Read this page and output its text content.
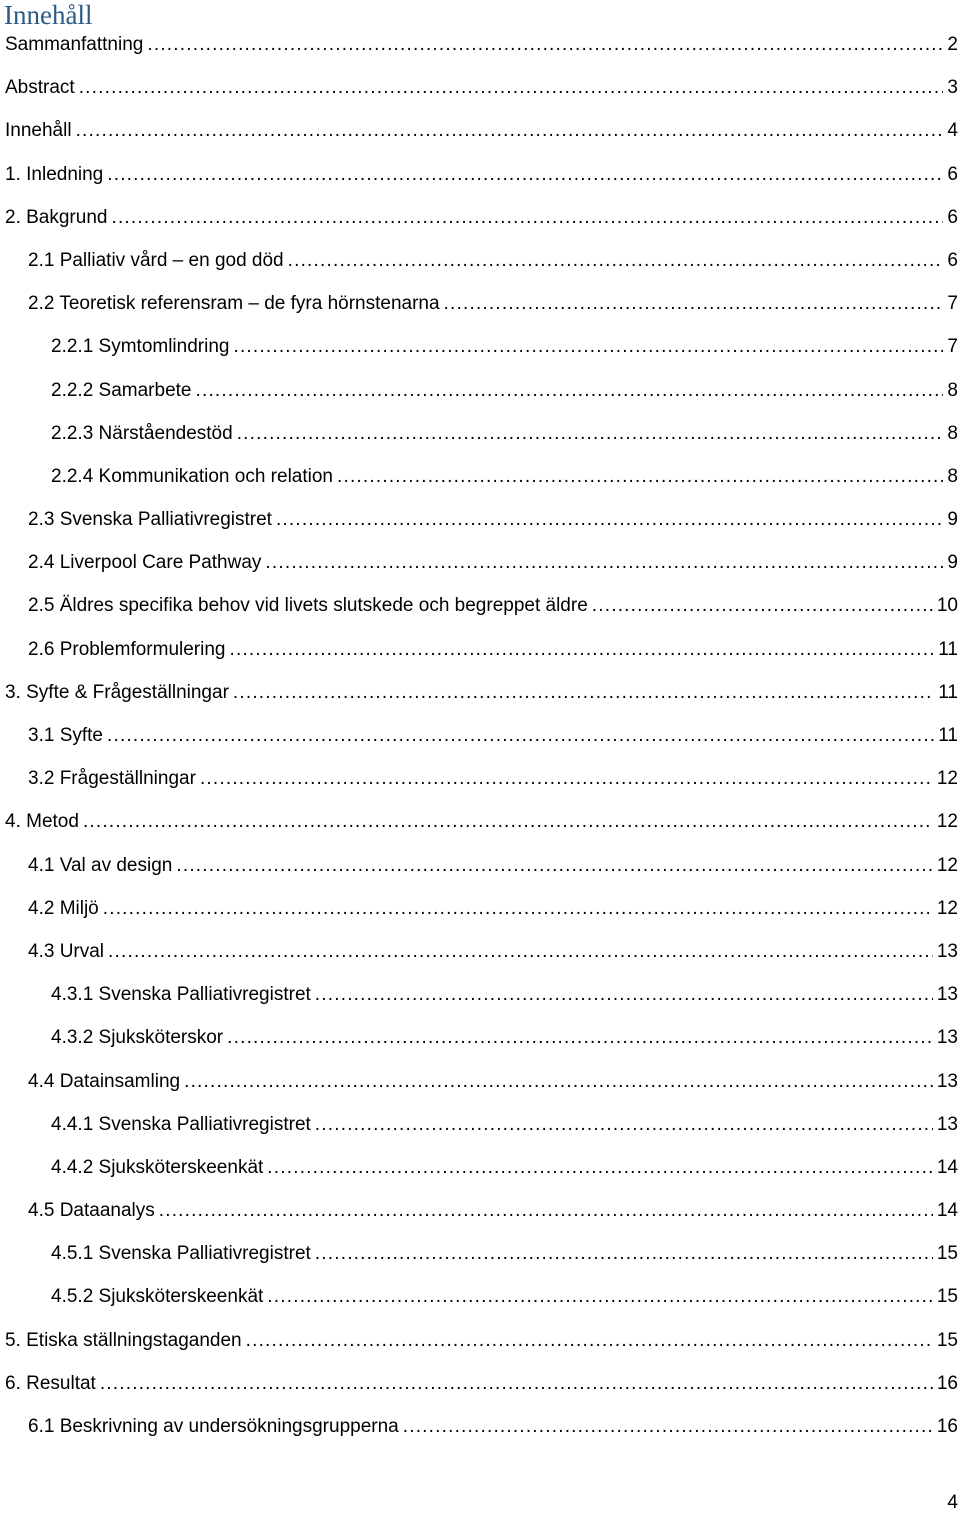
Innehåll
Sammanfattning .....	2
Abstract .....	3
Innehåll .....	4
1. Inledning .....	6
2. Bakgrund .....	6
2.1 Palliativ vård – en god död .....	6
2.2 Teoretisk referensram – de fyra hörnstenarna .....	7
2.2.1 Symtomlindring .....	7
2.2.2 Samarbete .....	8
2.2.3 Närståendestöd .....	8
2.2.4 Kommunikation och relation .....	8
2.3 Svenska Palliativregistret .....	9
2.4 Liverpool Care Pathway .....	9
2.5 Äldres specifika behov vid livets slutskede och begreppet äldre .....	10
2.6 Problemformulering .....	11
3. Syfte & Frågeställningar .....	11
3.1 Syfte .....	11
3.2 Frågeställningar .....	12
4. Metod .....	12
4.1 Val av design .....	12
4.2 Miljö .....	12
4.3 Urval .....	13
4.3.1 Svenska Palliativregistret .....	13
4.3.2 Sjuksköterskor .....	13
4.4 Datainsamling .....	13
4.4.1 Svenska Palliativregistret .....	13
4.4.2 Sjuksköterskeenkät .....	14
4.5 Dataanalys .....	14
4.5.1 Svenska Palliativregistret .....	15
4.5.2 Sjuksköterskeenkät .....	15
5. Etiska ställningstaganden .....	15
6. Resultat .....	16
6.1 Beskrivning av undersökningsgrupperna .....	16
4
